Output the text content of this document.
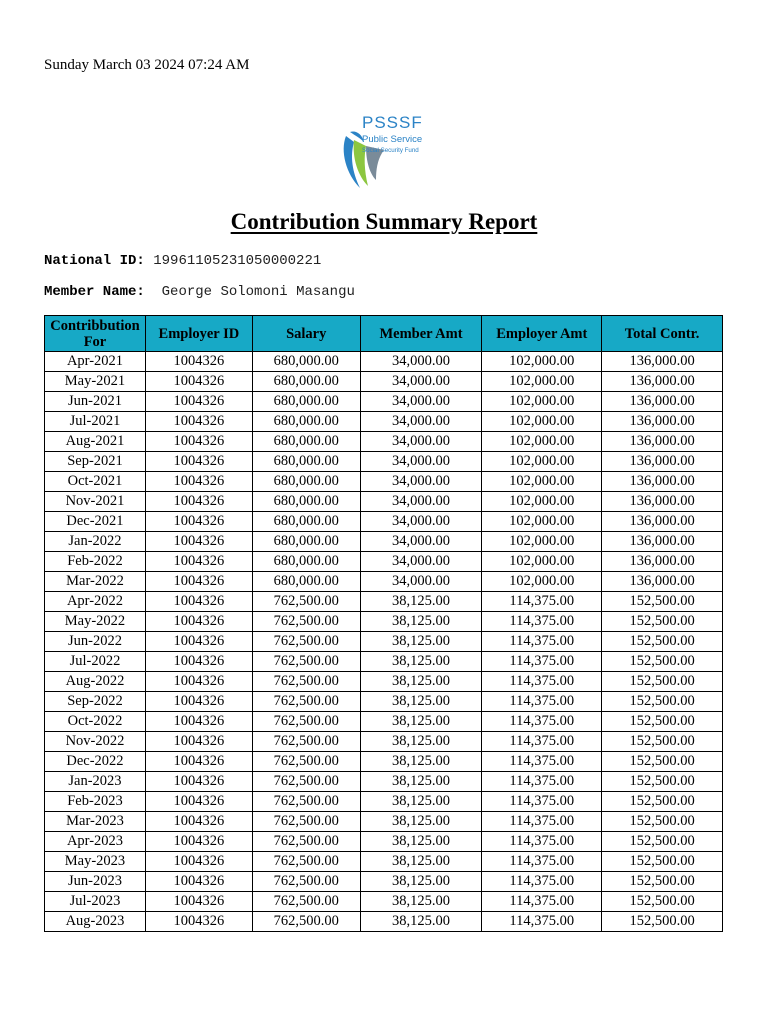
Sunday March 03 2024 07:24 AM
PSSSF
Public Service
Social Security Fund
Contribution Summary Report
National ID: 19961105231050000221
Member Name: George Solomoni Masangu
Contribbution For	Employer ID	Salary	Member Amt	Employer Amt	Total Contr.
Apr-2021	1004326	680,000.00	34,000.00	102,000.00	136,000.00
May-2021	1004326	680,000.00	34,000.00	102,000.00	136,000.00
Jun-2021	1004326	680,000.00	34,000.00	102,000.00	136,000.00
Jul-2021	1004326	680,000.00	34,000.00	102,000.00	136,000.00
Aug-2021	1004326	680,000.00	34,000.00	102,000.00	136,000.00
Sep-2021	1004326	680,000.00	34,000.00	102,000.00	136,000.00
Oct-2021	1004326	680,000.00	34,000.00	102,000.00	136,000.00
Nov-2021	1004326	680,000.00	34,000.00	102,000.00	136,000.00
Dec-2021	1004326	680,000.00	34,000.00	102,000.00	136,000.00
Jan-2022	1004326	680,000.00	34,000.00	102,000.00	136,000.00
Feb-2022	1004326	680,000.00	34,000.00	102,000.00	136,000.00
Mar-2022	1004326	680,000.00	34,000.00	102,000.00	136,000.00
Apr-2022	1004326	762,500.00	38,125.00	114,375.00	152,500.00
May-2022	1004326	762,500.00	38,125.00	114,375.00	152,500.00
Jun-2022	1004326	762,500.00	38,125.00	114,375.00	152,500.00
Jul-2022	1004326	762,500.00	38,125.00	114,375.00	152,500.00
Aug-2022	1004326	762,500.00	38,125.00	114,375.00	152,500.00
Sep-2022	1004326	762,500.00	38,125.00	114,375.00	152,500.00
Oct-2022	1004326	762,500.00	38,125.00	114,375.00	152,500.00
Nov-2022	1004326	762,500.00	38,125.00	114,375.00	152,500.00
Dec-2022	1004326	762,500.00	38,125.00	114,375.00	152,500.00
Jan-2023	1004326	762,500.00	38,125.00	114,375.00	152,500.00
Feb-2023	1004326	762,500.00	38,125.00	114,375.00	152,500.00
Mar-2023	1004326	762,500.00	38,125.00	114,375.00	152,500.00
Apr-2023	1004326	762,500.00	38,125.00	114,375.00	152,500.00
May-2023	1004326	762,500.00	38,125.00	114,375.00	152,500.00
Jun-2023	1004326	762,500.00	38,125.00	114,375.00	152,500.00
Jul-2023	1004326	762,500.00	38,125.00	114,375.00	152,500.00
Aug-2023	1004326	762,500.00	38,125.00	114,375.00	152,500.00
